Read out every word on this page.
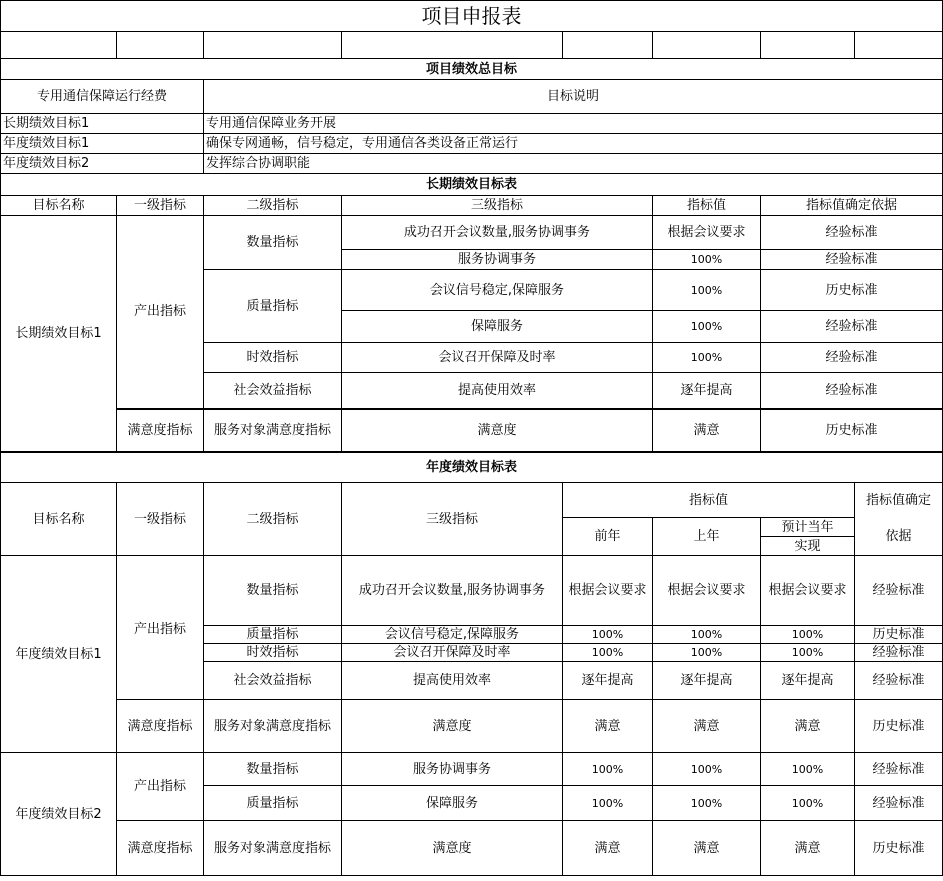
项目申报表							

项目绩效总目标							
专用通信保障运行经费		目标说明					
长期绩效目标1		专用通信保障业务开展					
年度绩效目标1		确保专网通畅，信号稳定，专用通信各类设备正常运行					
年度绩效目标2		发挥综合协调职能					
长期绩效目标表							
目标名称	一级指标	二级指标	三级指标		指标值	指标值确定依据	
长期绩效目标1	产出指标	数量指标	成功召开会议数量,服务协调事务		根据会议要求	经验标准	
			服务协调事务		100%	经验标准	
		质量指标	会议信号稳定,保障服务		100%	历史标准	
			保障服务		100%	经验标准	
		时效指标	会议召开保障及时率		100%	经验标准	
		社会效益指标	提高使用效率		逐年提高	经验标准	
	满意度指标	服务对象满意度指标	满意度		满意	历史标准	
年度绩效目标表							
目标名称	一级指标	二级指标	三级指标	指标值			指标值确定
				前年	上年	预计当年	依据
						实现	
年度绩效目标1	产出指标	数量指标	成功召开会议数量,服务协调事务	根据会议要求	根据会议要求	根据会议要求	经验标准
		质量指标	会议信号稳定,保障服务	100%	100%	100%	历史标准
		时效指标	会议召开保障及时率	100%	100%	100%	经验标准
		社会效益指标	提高使用效率	逐年提高	逐年提高	逐年提高	经验标准
	满意度指标	服务对象满意度指标	满意度	满意	满意	满意	历史标准
年度绩效目标2	产出指标	数量指标	服务协调事务	100%	100%	100%	经验标准
		质量指标	保障服务	100%	100%	100%	经验标准
	满意度指标	服务对象满意度指标	满意度	满意	满意	满意	历史标准
